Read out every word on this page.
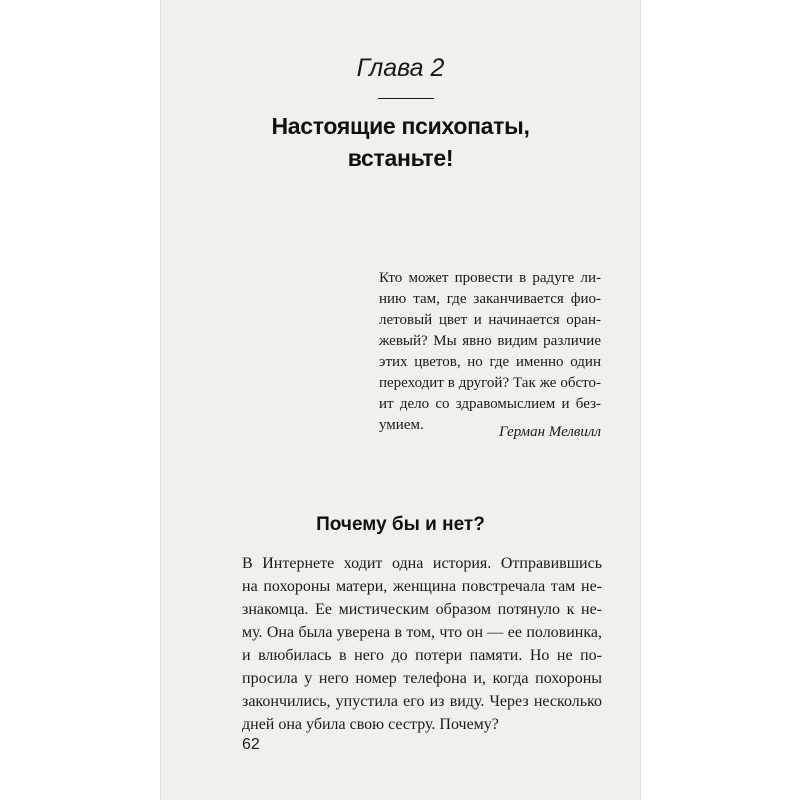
Глава 2
Настоящие психопаты,
встаньте!
Кто может провести в радуге ли-
нию там, где заканчивается фио-
летовый цвет и начинается оран-
жевый? Мы явно видим различие
этих цветов, но где именно один
переходит в другой? Так же обсто-
ит дело со здравомыслием и без-
умием.	Герман Мелвилл
Почему бы и нет?
В Интернете ходит одна история. Отправившись
на похороны матери, женщина повстречала там не-
знакомца. Ее мистическим образом потянуло к не-
му. Она была уверена в том, что он — ее половинка,
и влюбилась в него до потери памяти. Но не по-
просила у него номер телефона и, когда похороны
закончились, упустила его из виду. Через несколько
дней она убила свою сестру. Почему?
62
